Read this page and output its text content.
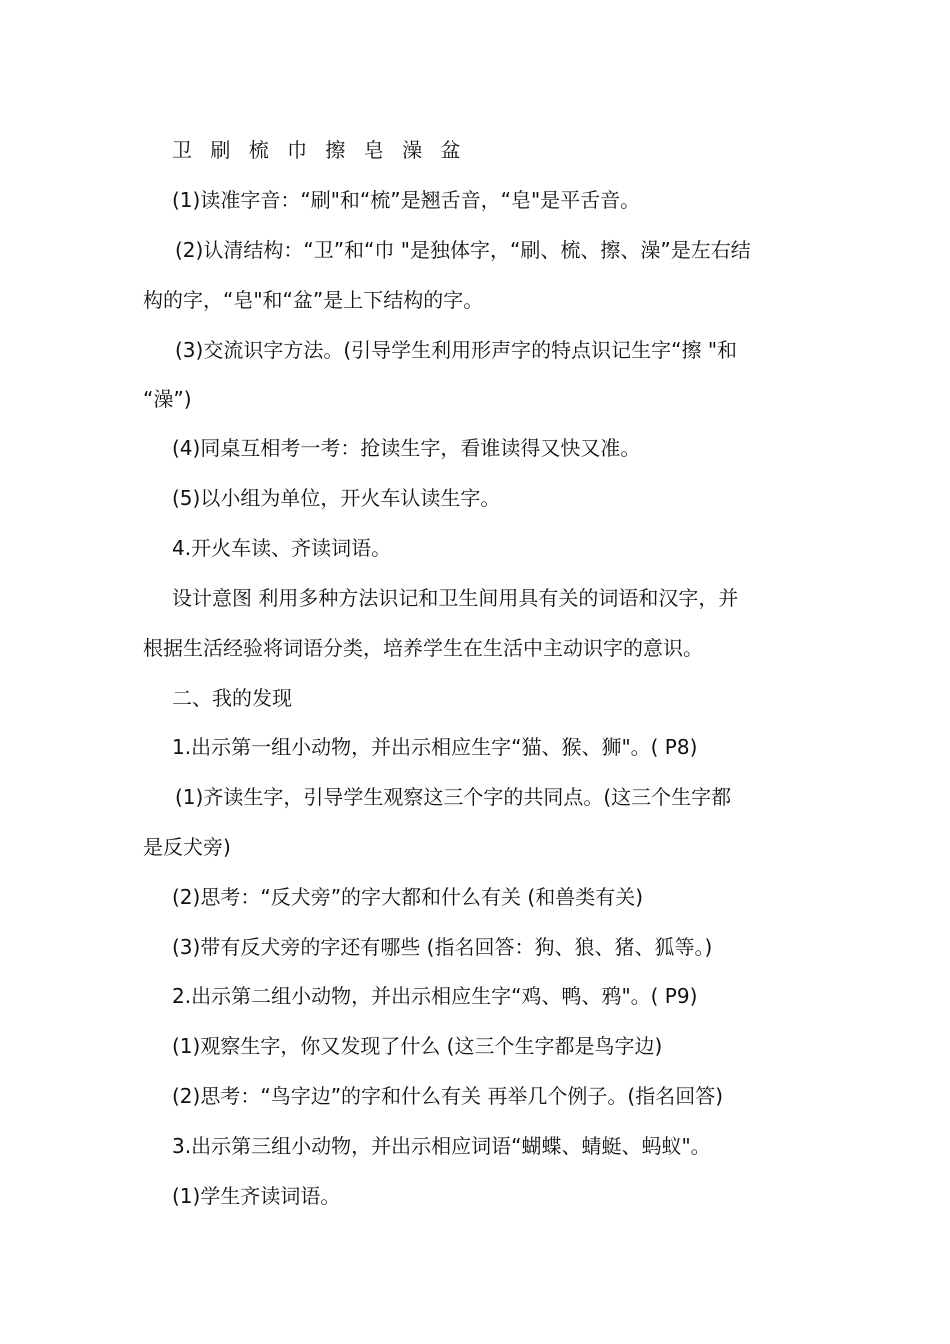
卫 刷 梳 巾 擦 皂 澡 盆
(1)读准字音：“刷"和“梳”是翘舌音，“皂"是平舌音。
(2)认清结构：“卫”和“巾 "是独体字，“刷、梳、擦、澡”是左右结
构的字，“皂"和“盆”是上下结构的字。
(3)交流识字方法。(引导学生利用形声字的特点识记生字“擦 "和
“澡”)
(4)同桌互相考一考：抢读生字，看谁读得又快又准。
(5)以小组为单位，开火车认读生字。
4.开火车读、齐读词语。
设计意图 利用多种方法识记和卫生间用具有关的词语和汉字，并
根据生活经验将词语分类，培养学生在生活中主动识字的意识。
二、我的发现
1.出示第一组小动物，并出示相应生字“猫、猴、狮"。( P8)
(1)齐读生字，引导学生观察这三个字的共同点。(这三个生字都
是反犬旁)
(2)思考：“反犬旁”的字大都和什么有关 (和兽类有关)
(3)带有反犬旁的字还有哪些 (指名回答：狗、狼、猪、狐等。)
2.出示第二组小动物，并出示相应生字“鸡、鸭、鸦"。( P9)
(1)观察生字，你又发现了什么 (这三个生字都是鸟字边)
(2)思考：“鸟字边”的字和什么有关 再举几个例子。(指名回答)
3.出示第三组小动物，并出示相应词语“蝴蝶、蜻蜓、蚂蚁"。
(1)学生齐读词语。
